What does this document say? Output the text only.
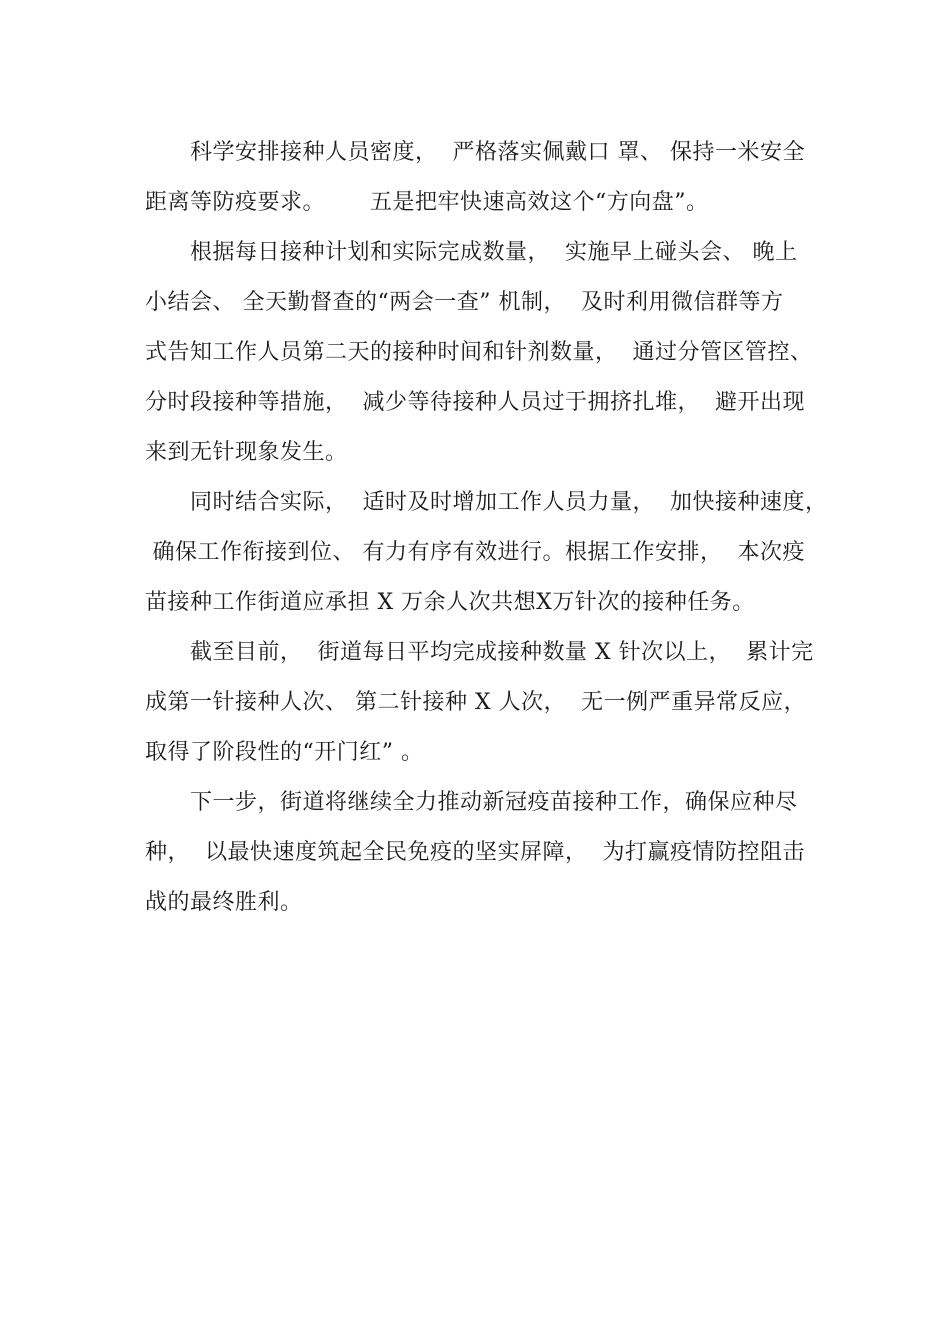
科学安排接种人员密度，  严格落实佩戴口 罩、 保持一米安全
距离等防疫要求。      五是把牢快速高效这个“方向盘”。
根据每日接种计划和实际完成数量，  实施早上碰头会、 晚上
小结会、 全天勤督查的“两会一查” 机制，  及时利用微信群等方
式告知工作人员第二天的接种时间和针剂数量，  通过分管区管控、
分时段接种等措施，  减少等待接种人员过于拥挤扎堆，  避开出现
来到无针现象发生。
同时结合实际，  适时及时增加工作人员力量，  加快接种速度，
确保工作衔接到位、 有力有序有效进行。根据工作安排，  本次疫
苗接种工作街道应承担 X 万余人次共想X万针次的接种任务。
截至目前，  街道每日平均完成接种数量 X 针次以上，  累计完
成第一针接种人次、 第二针接种 X 人次，  无一例严重异常反应，
取得了阶段性的“开门红” 。
下一步，街道将继续全力推动新冠疫苗接种工作，确保应种尽
种，  以最快速度筑起全民免疫的坚实屏障，  为打赢疫情防控阻击
战的最终胜利。
